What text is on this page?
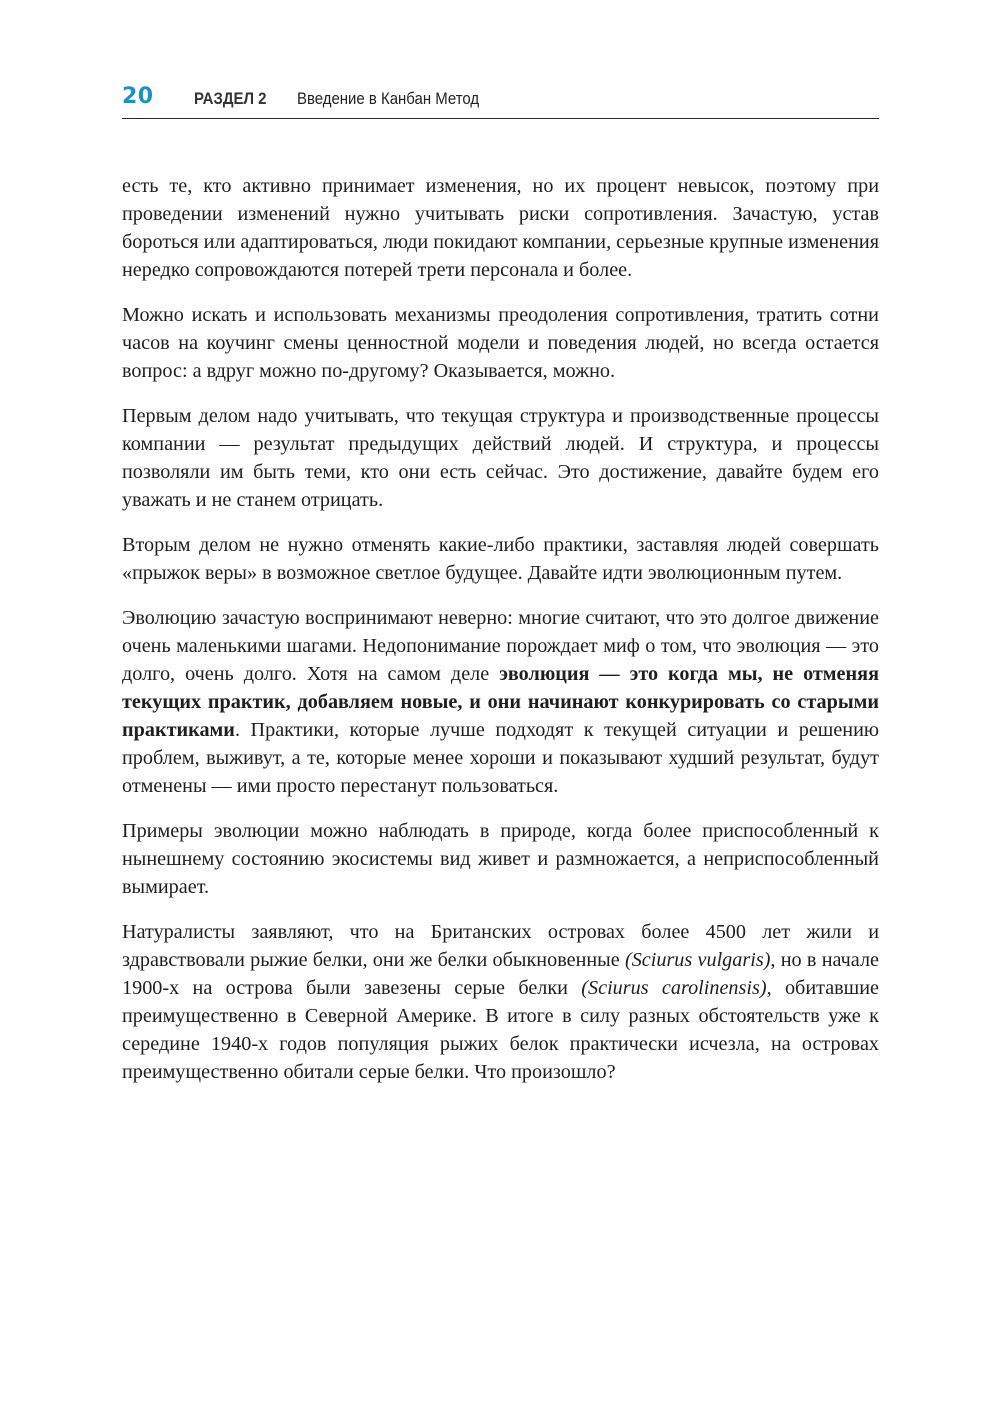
20 РАЗДЕЛ 2 Введение в Канбан Метод

есть те, кто активно принимает изменения, но их процент невысок, поэтому при проведении изменений нужно учитывать риски сопротивления. Зачастую, устав бороться или адаптироваться, люди покидают компании, серьезные крупные изменения нередко сопровождаются потерей трети персонала и более.

Можно искать и использовать механизмы преодоления сопротивления, тратить сотни часов на коучинг смены ценностной модели и поведения людей, но всегда остается вопрос: а вдруг можно по-другому? Оказывается, можно.

Первым делом надо учитывать, что текущая структура и производственные процессы компании — результат предыдущих действий людей. И структура, и процессы позволяли им быть теми, кто они есть сейчас. Это достижение, давайте будем его уважать и не станем отрицать.

Вторым делом не нужно отменять какие-либо практики, заставляя людей совершать «прыжок веры» в возможное светлое будущее. Давайте идти эволюционным путем.

Эволюцию зачастую воспринимают неверно: многие считают, что это долгое движение очень маленькими шагами. Недопонимание порождает миф о том, что эволюция — это долго, очень долго. Хотя на самом деле эволюция — это когда мы, не отменяя текущих практик, добавляем новые, и они начинают конкурировать со старыми практиками. Практики, которые лучше подходят к текущей ситуации и решению проблем, выживут, а те, которые менее хороши и показывают худший результат, будут отменены — ими просто перестанут пользоваться.

Примеры эволюции можно наблюдать в природе, когда более приспособленный к нынешнему состоянию экосистемы вид живет и размножается, а неприспособленный вымирает.

Натуралисты заявляют, что на Британских островах более 4500 лет жили и здравствовали рыжие белки, они же белки обыкновенные (Sciurus vulgaris), но в начале 1900-х на острова были завезены серые белки (Sciurus carolinensis), обитавшие преимущественно в Северной Америке. В итоге в силу разных обстоятельств уже к середине 1940-х годов популяция рыжих белок практически исчезла, на островах преимущественно обитали серые белки. Что произошло?
